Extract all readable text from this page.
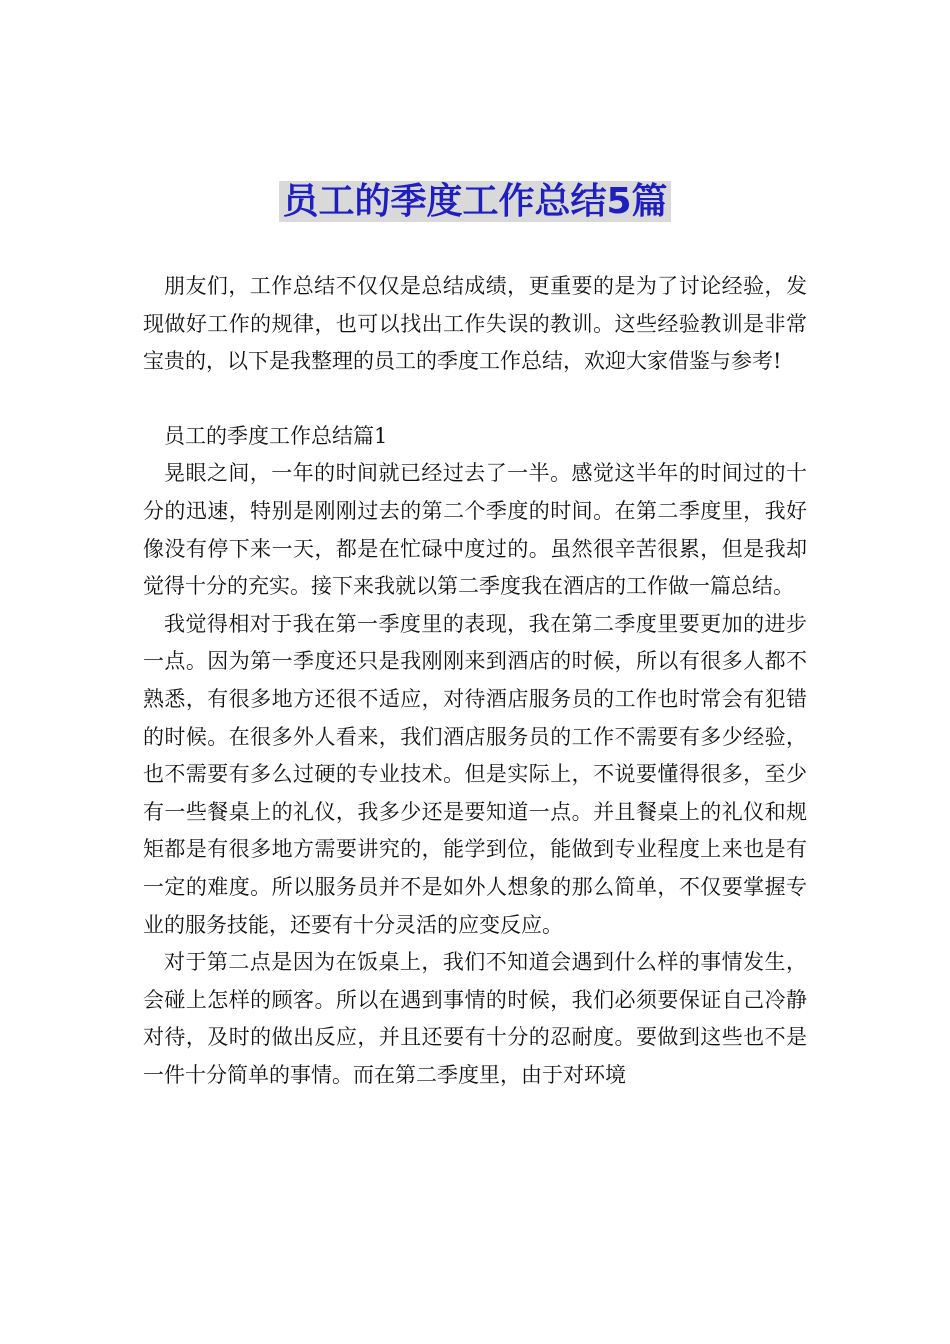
员工的季度工作总结5篇

朋友们，工作总结不仅仅是总结成绩，更重要的是为了讨论经验，发现做好工作的规律，也可以找出工作失误的教训。这些经验教训是非常宝贵的，以下是我整理的员工的季度工作总结，欢迎大家借鉴与参考!

员工的季度工作总结篇1

晃眼之间，一年的时间就已经过去了一半。感觉这半年的时间过的十分的迅速，特别是刚刚过去的第二个季度的时间。在第二季度里，我好像没有停下来一天，都是在忙碌中度过的。虽然很辛苦很累，但是我却觉得十分的充实。接下来我就以第二季度我在酒店的工作做一篇总结。

我觉得相对于我在第一季度里的表现，我在第二季度里要更加的进步一点。因为第一季度还只是我刚刚来到酒店的时候，所以有很多人都不熟悉，有很多地方还很不适应，对待酒店服务员的工作也时常会有犯错的时候。在很多外人看来，我们酒店服务员的工作不需要有多少经验，也不需要有多么过硬的专业技术。但是实际上，不说要懂得很多，至少有一些餐桌上的礼仪，我多少还是要知道一点。并且餐桌上的礼仪和规矩都是有很多地方需要讲究的，能学到位，能做到专业程度上来也是有一定的难度。所以服务员并不是如外人想象的那么简单，不仅要掌握专业的服务技能，还要有十分灵活的应变反应。

对于第二点是因为在饭桌上，我们不知道会遇到什么样的事情发生，会碰上怎样的顾客。所以在遇到事情的时候，我们必须要保证自己冷静对待，及时的做出反应，并且还要有十分的忍耐度。要做到这些也不是一件十分简单的事情。而在第二季度里，由于对环境
